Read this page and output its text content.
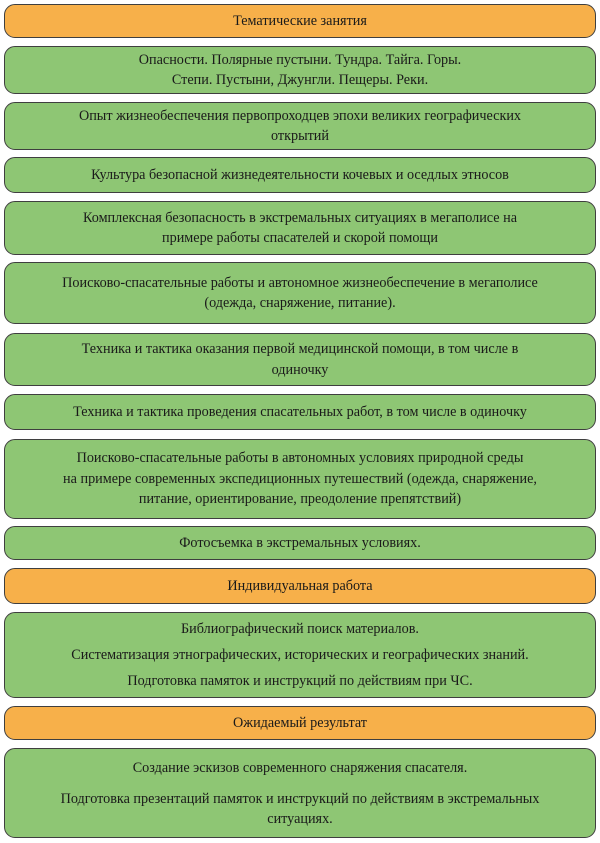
Тематические занятия
Опасности. Полярные пустыни. Тундра. Тайга. Горы.
Степи. Пустыни, Джунгли. Пещеры. Реки.
Опыт жизнеобеспечения первопроходцев эпохи великих географических
открытий
Культура безопасной жизнедеятельности кочевых и оседлых этносов
Комплексная безопасность в экстремальных ситуациях в мегаполисе на
примере работы спасателей и скорой помощи
Поисково-спасательные работы и автономное жизнеобеспечение в мегаполисе
(одежда, снаряжение, питание).
Техника и тактика оказания первой медицинской помощи, в том числе в
одиночку
Техника и тактика проведения спасательных работ, в том числе в одиночку
Поисково-спасательные работы в автономных условиях природной среды
на примере современных экспедиционных путешествий (одежда, снаряжение,
питание, ориентирование, преодоление препятствий)
Фотосъемка в экстремальных условиях.
Индивидуальная работа
Библиографический поиск материалов.
Систематизация этнографических, исторических и географических знаний.
Подготовка памяток и инструкций по действиям при ЧС.
Ожидаемый результат
Создание эскизов современного снаряжения спасателя.
Подготовка презентаций памяток и инструкций по действиям в экстремальных
ситуациях.
